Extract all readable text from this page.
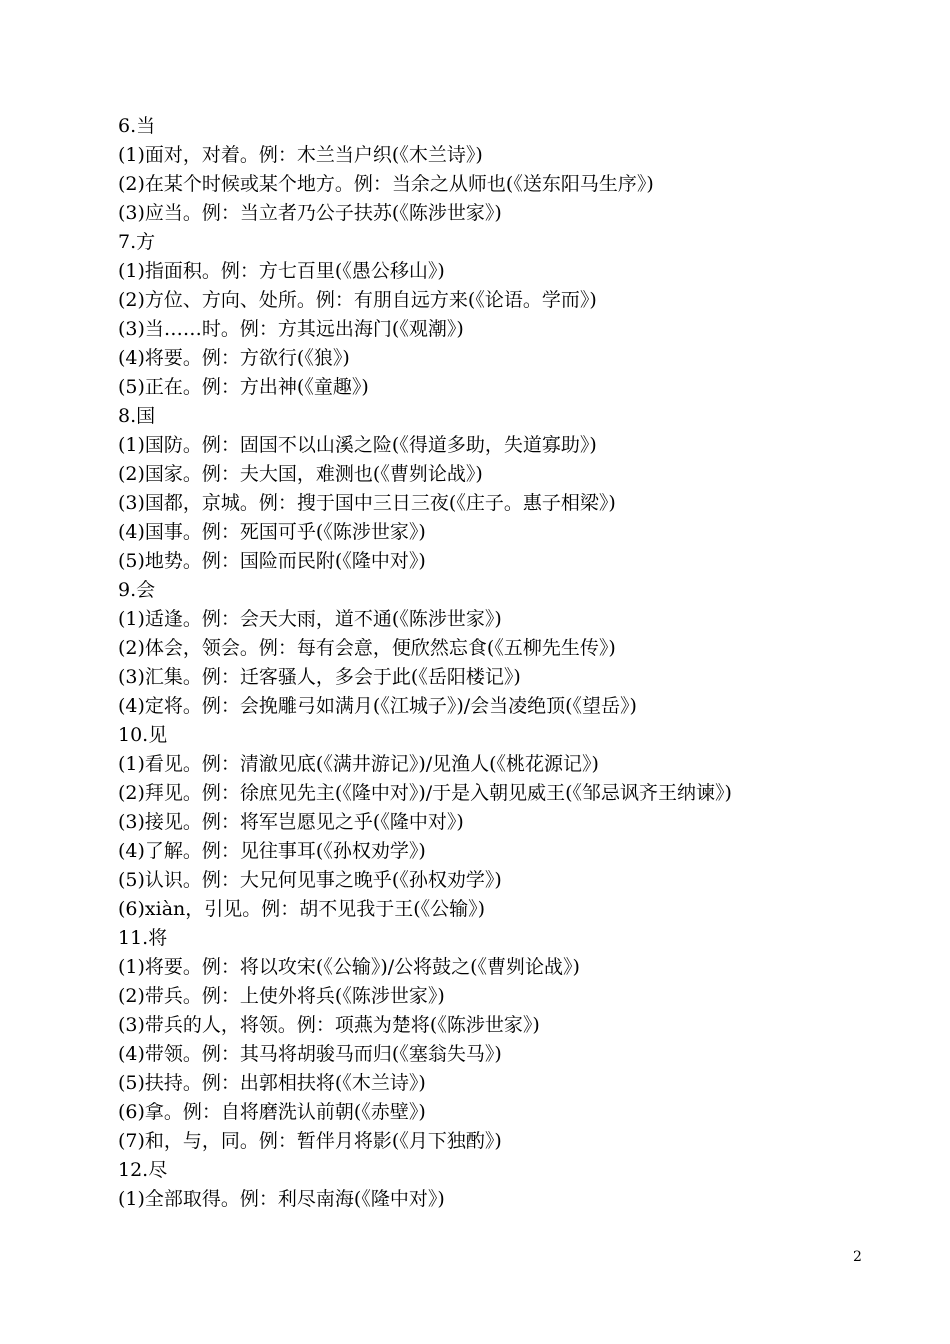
6.当
(1)面对，对着。例：木兰当户织(《木兰诗》)
(2)在某个时候或某个地方。例：当余之从师也(《送东阳马生序》)
(3)应当。例：当立者乃公子扶苏(《陈涉世家》)
7.方
(1)指面积。例：方七百里(《愚公移山》)
(2)方位、方向、处所。例：有朋自远方来(《论语。学而》)
(3)当……时。例：方其远出海门(《观潮》)
(4)将要。例：方欲行(《狼》)
(5)正在。例：方出神(《童趣》)
8.国
(1)国防。例：固国不以山溪之险(《得道多助，失道寡助》)
(2)国家。例：夫大国，难测也(《曹刿论战》)
(3)国都，京城。例：搜于国中三日三夜(《庄子。惠子相梁》)
(4)国事。例：死国可乎(《陈涉世家》)
(5)地势。例：国险而民附(《隆中对》)
9.会
(1)适逢。例：会天大雨，道不通(《陈涉世家》)
(2)体会，领会。例：每有会意，便欣然忘食(《五柳先生传》)
(3)汇集。例：迁客骚人，多会于此(《岳阳楼记》)
(4)定将。例：会挽雕弓如满月(《江城子》)/会当凌绝顶(《望岳》)
10.见
(1)看见。例：清澈见底(《满井游记》)/见渔人(《桃花源记》)
(2)拜见。例：徐庶见先主(《隆中对》)/于是入朝见威王(《邹忌讽齐王纳谏》)
(3)接见。例：将军岂愿见之乎(《隆中对》)
(4)了解。例：见往事耳(《孙权劝学》)
(5)认识。例：大兄何见事之晚乎(《孙权劝学》)
(6)xiàn，引见。例：胡不见我于王(《公输》)
11.将
(1)将要。例：将以攻宋(《公输》)/公将鼓之(《曹刿论战》)
(2)带兵。例：上使外将兵(《陈涉世家》)
(3)带兵的人，将领。例：项燕为楚将(《陈涉世家》)
(4)带领。例：其马将胡骏马而归(《塞翁失马》)
(5)扶持。例：出郭相扶将(《木兰诗》)
(6)拿。例：自将磨洗认前朝(《赤壁》)
(7)和，与，同。例：暂伴月将影(《月下独酌》)
12.尽
(1)全部取得。例：利尽南海(《隆中对》)
2
